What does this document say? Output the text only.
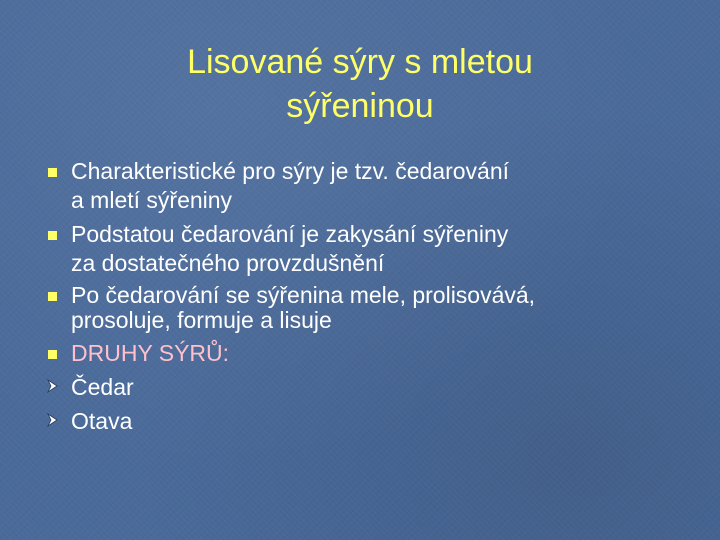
Lisované sýry s mletou
sýřeninou
Charakteristické pro sýry je tzv. čedarování
a mletí sýřeniny
Podstatou čedarování je zakysání sýřeniny
za dostatečného provzdušnění
Po čedarování se sýřenina mele, prolisovává,
prosoluje, formuje a lisuje
DRUHY SÝRŮ:
Čedar
Otava
